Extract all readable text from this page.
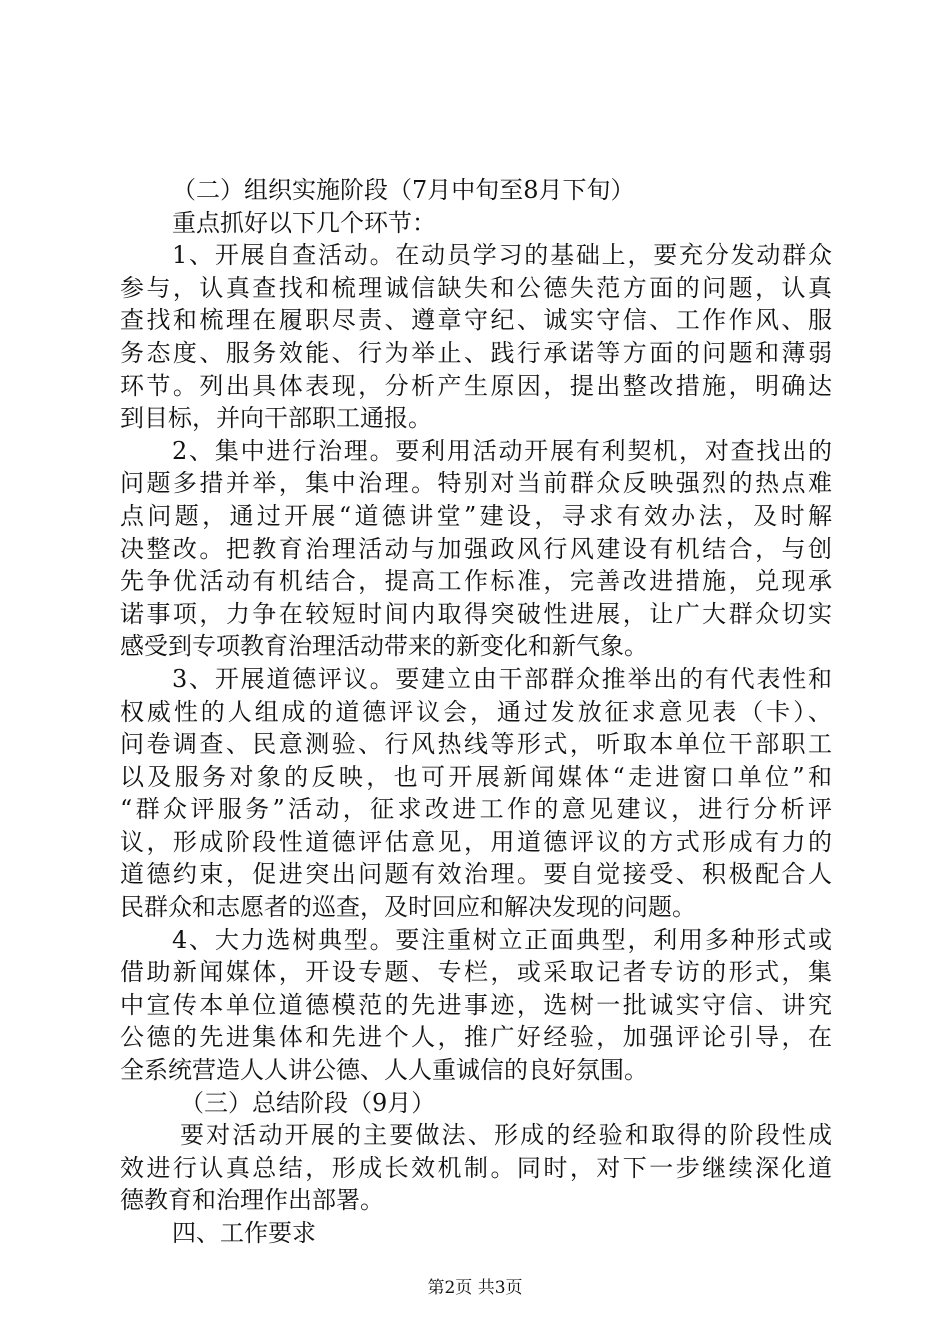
（二）组织实施阶段（7月中旬至8月下旬）
重点抓好以下几个环节：
1、开展自查活动。在动员学习的基础上，要充分发动群众
参与，认真查找和梳理诚信缺失和公德失范方面的问题，认真
查找和梳理在履职尽责、遵章守纪、诚实守信、工作作风、服
务态度、服务效能、行为举止、践行承诺等方面的问题和薄弱
环节。列出具体表现，分析产生原因，提出整改措施，明确达
到目标，并向干部职工通报。
2、集中进行治理。要利用活动开展有利契机，对查找出的
问题多措并举，集中治理。特别对当前群众反映强烈的热点难
点问题，通过开展“道德讲堂”建设，寻求有效办法，及时解
决整改。把教育治理活动与加强政风行风建设有机结合，与创
先争优活动有机结合，提高工作标准，完善改进措施，兑现承
诺事项，力争在较短时间内取得突破性进展，让广大群众切实
感受到专项教育治理活动带来的新变化和新气象。
3、开展道德评议。要建立由干部群众推举出的有代表性和
权威性的人组成的道德评议会，通过发放征求意见表（卡）、
问卷调查、民意测验、行风热线等形式，听取本单位干部职工
以及服务对象的反映，也可开展新闻媒体“走进窗口单位”和
“群众评服务”活动，征求改进工作的意见建议，进行分析评
议，形成阶段性道德评估意见，用道德评议的方式形成有力的
道德约束，促进突出问题有效治理。要自觉接受、积极配合人
民群众和志愿者的巡查，及时回应和解决发现的问题。
4、大力选树典型。要注重树立正面典型，利用多种形式或
借助新闻媒体，开设专题、专栏，或采取记者专访的形式，集
中宣传本单位道德模范的先进事迹，选树一批诚实守信、讲究
公德的先进集体和先进个人，推广好经验，加强评论引导，在
全系统营造人人讲公德、人人重诚信的良好氛围。
（三）总结阶段（9月）
要对活动开展的主要做法、形成的经验和取得的阶段性成
效进行认真总结，形成长效机制。同时，对下一步继续深化道
德教育和治理作出部署。
四、工作要求
第2页 共3页
